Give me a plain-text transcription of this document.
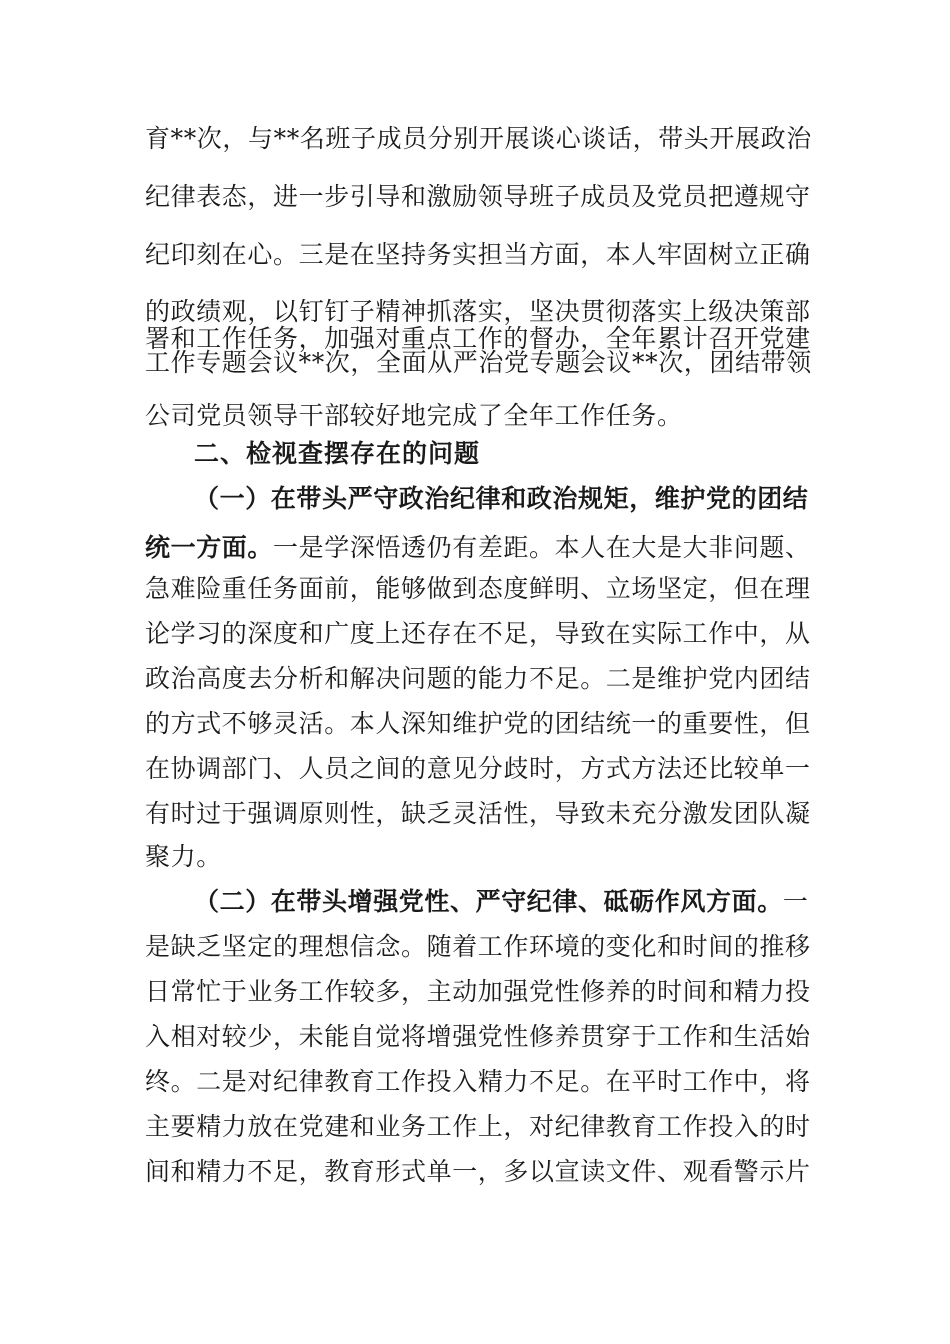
育**次，与**名班子成员分别开展谈心谈话，带头开展政治
纪律表态，进一步引导和激励领导班子成员及党员把遵规守
纪印刻在心。三是在坚持务实担当方面，本人牢固树立正确
的政绩观，以钉钉子精神抓落实，坚决贯彻落实上级决策部
署和工作任务，加强对重点工作的督办，全年累计召开党建
工作专题会议**次，全面从严治党专题会议**次，团结带领
公司党员领导干部较好地完成了全年工作任务。
二、检视查摆存在的问题
（一）在带头严守政治纪律和政治规矩，维护党的团结
统一方面。一是学深悟透仍有差距。本人在大是大非问题、
急难险重任务面前，能够做到态度鲜明、立场坚定，但在理
论学习的深度和广度上还存在不足，导致在实际工作中，从
政治高度去分析和解决问题的能力不足。二是维护党内团结
的方式不够灵活。本人深知维护党的团结统一的重要性，但
在协调部门、人员之间的意见分歧时，方式方法还比较单一
有时过于强调原则性，缺乏灵活性，导致未充分激发团队凝
聚力。
（二）在带头增强党性、严守纪律、砥砺作风方面。一
是缺乏坚定的理想信念。随着工作环境的变化和时间的推移
日常忙于业务工作较多，主动加强党性修养的时间和精力投
入相对较少，未能自觉将增强党性修养贯穿于工作和生活始
终。二是对纪律教育工作投入精力不足。在平时工作中，将
主要精力放在党建和业务工作上，对纪律教育工作投入的时
间和精力不足，教育形式单一，多以宣读文件、观看警示片
